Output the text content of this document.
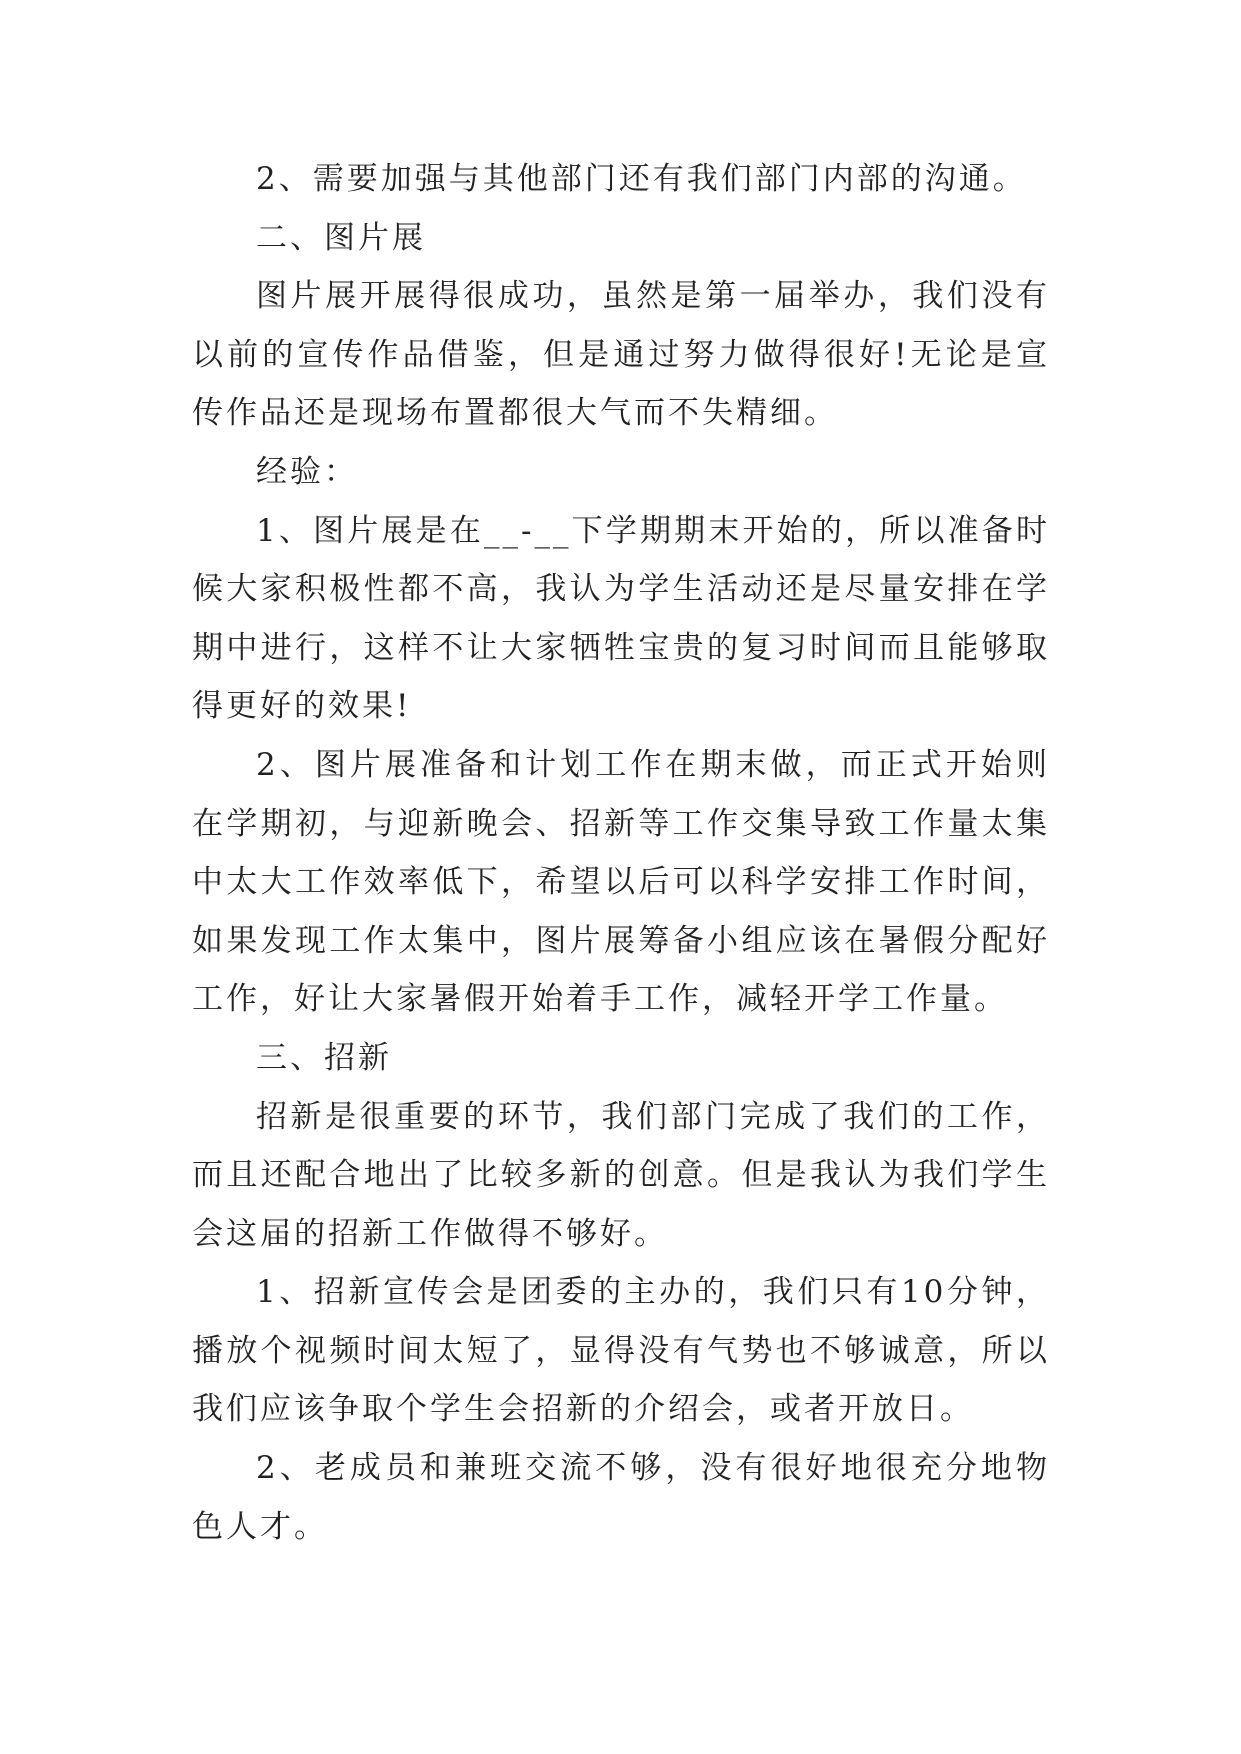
2、需要加强与其他部门还有我们部门内部的沟通。

二、图片展

图片展开展得很成功，虽然是第一届举办，我们没有以前的宣传作品借鉴，但是通过努力做得很好!无论是宣传作品还是现场布置都很大气而不失精细。

经验：

1、图片展是在__-__下学期期末开始的，所以准备时候大家积极性都不高，我认为学生活动还是尽量安排在学期中进行，这样不让大家牺牲宝贵的复习时间而且能够取得更好的效果!

2、图片展准备和计划工作在期末做，而正式开始则在学期初，与迎新晚会、招新等工作交集导致工作量太集中太大工作效率低下，希望以后可以科学安排工作时间，如果发现工作太集中，图片展筹备小组应该在暑假分配好工作，好让大家暑假开始着手工作，减轻开学工作量。

三、招新

招新是很重要的环节，我们部门完成了我们的工作，而且还配合地出了比较多新的创意。但是我认为我们学生会这届的招新工作做得不够好。

1、招新宣传会是团委的主办的，我们只有10分钟，播放个视频时间太短了，显得没有气势也不够诚意，所以我们应该争取个学生会招新的介绍会，或者开放日。

2、老成员和兼班交流不够，没有很好地很充分地物色人才。
